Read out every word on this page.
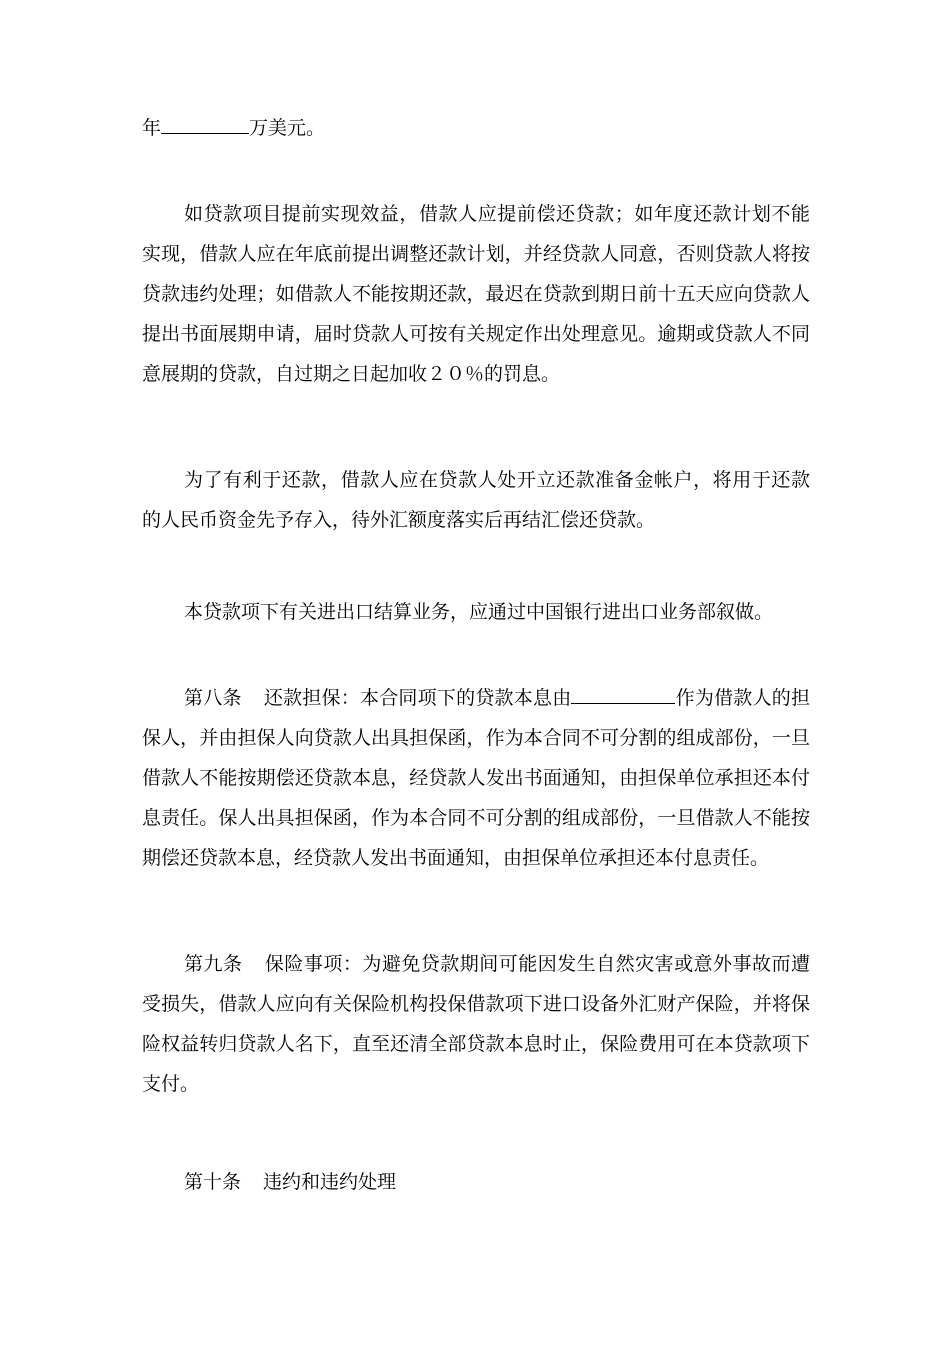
年	万美元。

如贷款项目提前实现效益，借款人应提前偿还贷款；如年度还款计划不能实现，借款人应在年底前提出调整还款计划，并经贷款人同意，否则贷款人将按贷款违约处理；如借款人不能按期还款，最迟在贷款到期日前十五天应向贷款人提出书面展期申请，届时贷款人可按有关规定作出处理意见。逾期或贷款人不同意展期的贷款，自过期之日起加收２０％的罚息。

为了有利于还款，借款人应在贷款人处开立还款准备金帐户，将用于还款的人民币资金先予存入，待外汇额度落实后再结汇偿还贷款。

本贷款项下有关进出口结算业务，应通过中国银行进出口业务部叙做。

第八条 还款担保：本合同项下的贷款本息由	作为借款人的担保人，并由担保人向贷款人出具担保函，作为本合同不可分割的组成部份，一旦借款人不能按期偿还贷款本息，经贷款人发出书面通知，由担保单位承担还本付息责任。保人出具担保函，作为本合同不可分割的组成部份，一旦借款人不能按期偿还贷款本息，经贷款人发出书面通知，由担保单位承担还本付息责任。

第九条 保险事项：为避免贷款期间可能因发生自然灾害或意外事故而遭受损失，借款人应向有关保险机构投保借款项下进口设备外汇财产保险，并将保险权益转归贷款人名下，直至还清全部贷款本息时止，保险费用可在本贷款项下支付。

第十条 违约和违约处理
